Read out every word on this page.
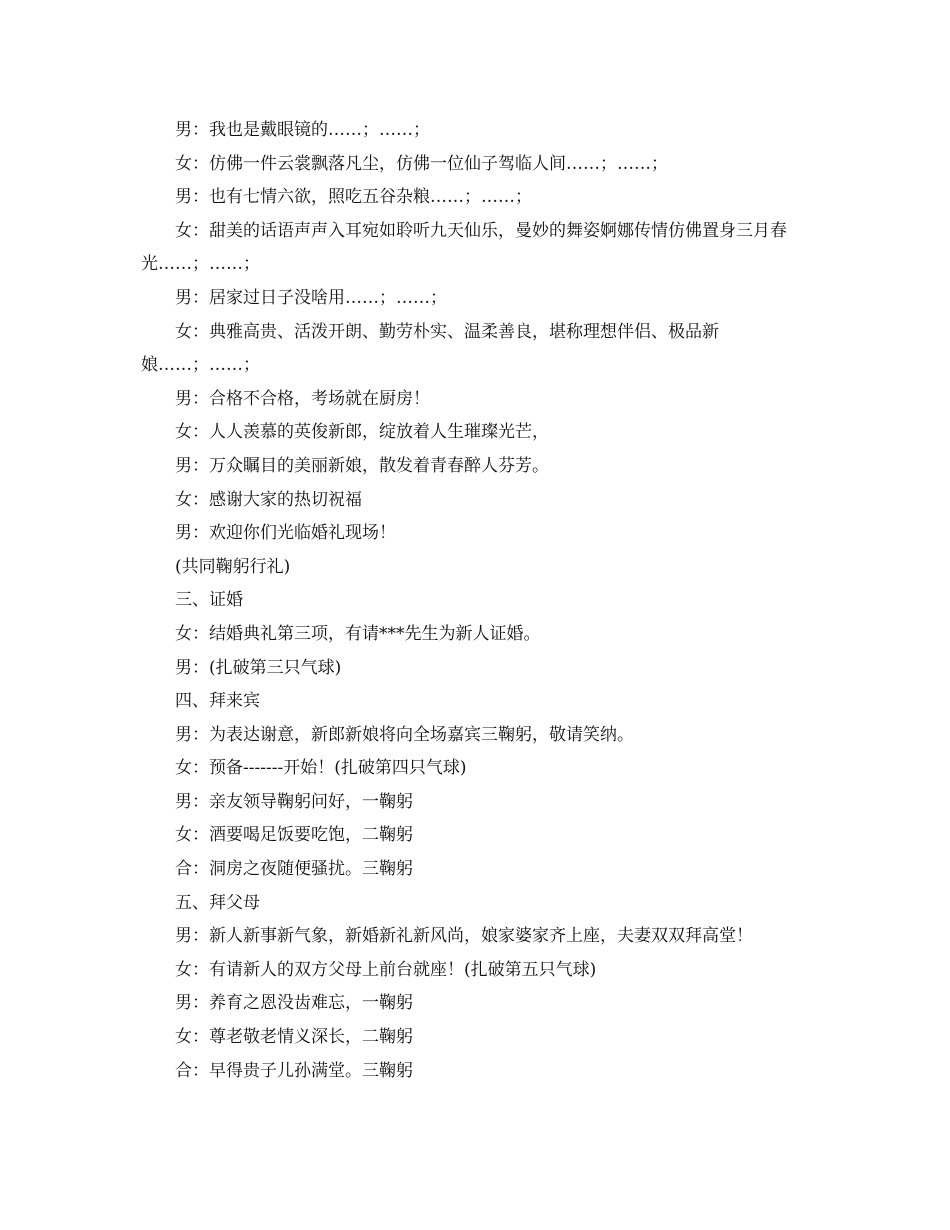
男：我也是戴眼镜的……；……；

女：仿佛一件云裳飘落凡尘，仿佛一位仙子驾临人间……；……；

男：也有七情六欲，照吃五谷杂粮……；……；

女：甜美的话语声声入耳宛如聆听九天仙乐，曼妙的舞姿婀娜传情仿佛置身三月春光……；……；

男：居家过日子没啥用……；……；

女：典雅高贵、活泼开朗、勤劳朴实、温柔善良，堪称理想伴侣、极品新娘……；……；

男：合格不合格，考场就在厨房！

女：人人羡慕的英俊新郎，绽放着人生璀璨光芒，

男：万众瞩目的美丽新娘，散发着青春醉人芬芳。

女：感谢大家的热切祝福

男：欢迎你们光临婚礼现场！

(共同鞠躬行礼)

三、证婚

女：结婚典礼第三项，有请***先生为新人证婚。

男：(扎破第三只气球)

四、拜来宾

男：为表达谢意，新郎新娘将向全场嘉宾三鞠躬，敬请笑纳。

女：预备-------开始！(扎破第四只气球)

男：亲友领导鞠躬问好，一鞠躬

女：酒要喝足饭要吃饱，二鞠躬

合：洞房之夜随便骚扰。三鞠躬

五、拜父母

男：新人新事新气象，新婚新礼新风尚，娘家婆家齐上座，夫妻双双拜高堂！

女：有请新人的双方父母上前台就座！(扎破第五只气球)

男：养育之恩没齿难忘，一鞠躬

女：尊老敬老情义深长，二鞠躬

合：早得贵子儿孙满堂。三鞠躬
